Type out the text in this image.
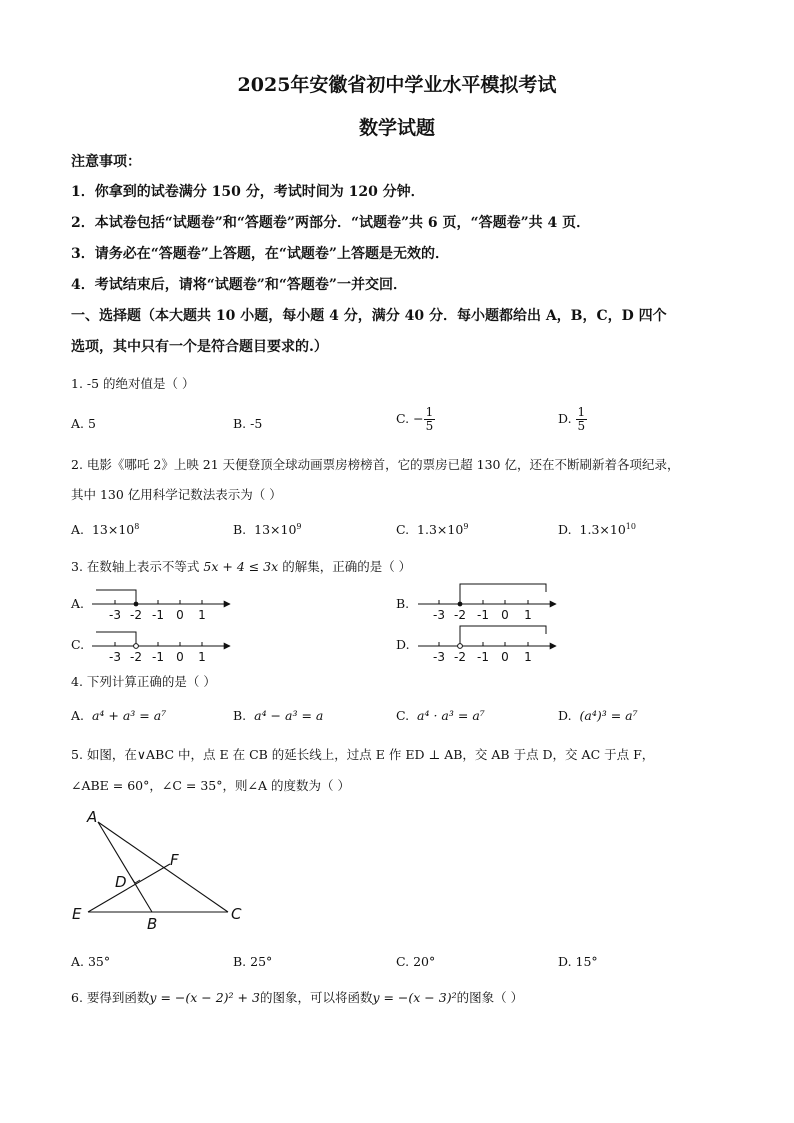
2025年安徽省初中学业水平模拟考试
数学试题
注意事项：
1．你拿到的试卷满分 150 分，考试时间为 120 分钟．
2．本试卷包括“试题卷”和“答题卷”两部分．“试题卷”共 6 页，“答题卷”共 4 页．
3．请务必在“答题卷”上答题，在“试题卷”上答题是无效的．
4．考试结束后，请将“试题卷”和“答题卷”一并交回．
一、选择题（本大题共 10 小题，每小题 4 分，满分 40 分．每小题都给出 A，B，C，D 四个
选项，其中只有一个是符合题目要求的.）
1. -5 的绝对值是（ ）
A. 5	B. -5	C. − $\frac{1}{5}$	D. $\frac{1}{5}$
2. 电影《哪吒 2》上映 21 天便登顶全球动画票房榜榜首，它的票房已超 130 亿，还在不断刷新着各项纪录，
其中 130 亿用科学记数法表示为（ ）
A. $13\times 10^8$	B. $13\times 10^9$	C. $1.3\times 10^9$	D. $1.3\times 10^{10}$
3. 在数轴上表示不等式 5x + 4 ≤ 3x 的解集，正确的是（ ）
A.	B.
C.	D.
-3 -2 -1 0 1	-3 -2 -1 0 1
-3 -2 -1 0 1	-3 -2 -1 0 1
A
F
D
E
B
C
4. 下列计算正确的是（ ）
A. a⁴ + a³ = a⁷	B. a⁴ − a³ = a	C. a⁴ · a³ = a⁷	D. (a⁴)³ = a⁷
5. 如图，在∨ABC 中，点 E 在 CB 的延长线上，过点 E 作 ED ⊥ AB，交 AB 于点 D，交 AC 于点 F，
∠ABE = 60°，∠C = 35°，则∠A 的度数为（ ）
A. 35°	B. 25°	C. 20°	D. 15°
6. 要得到函数y = −(x − 2)² + 3的图象，可以将函数y = −(x − 3)²的图象（ ）
